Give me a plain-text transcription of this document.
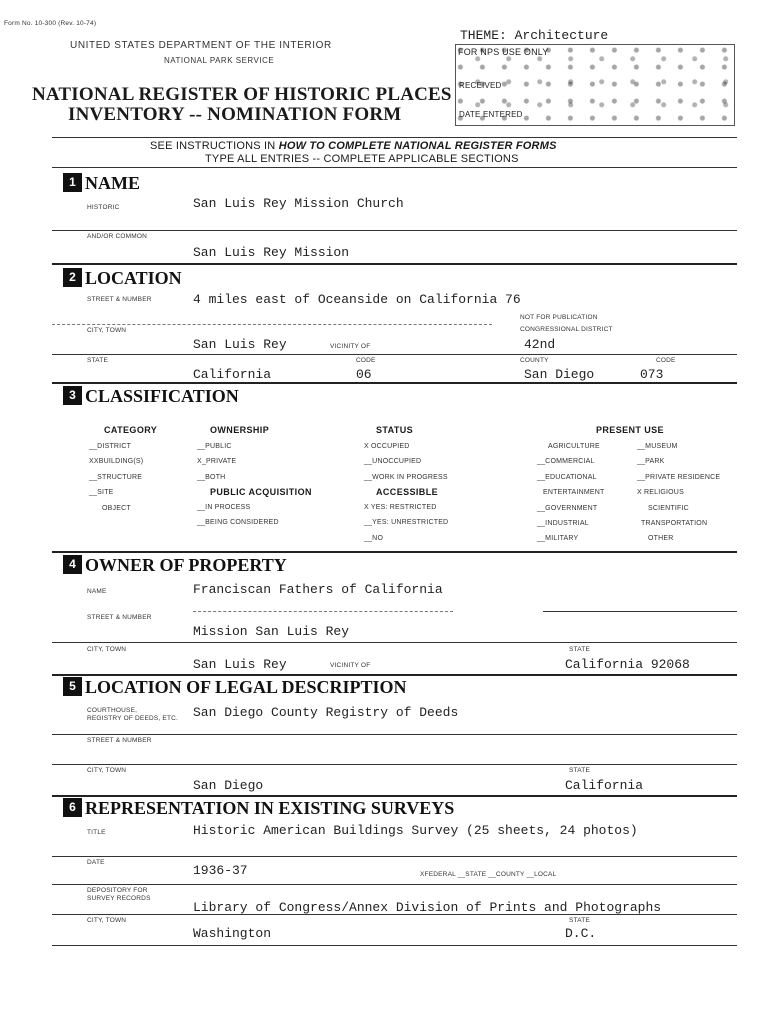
Form No. 10-300 (Rev. 10-74)
UNITED STATES DEPARTMENT OF THE INTERIOR
NATIONAL PARK SERVICE
NATIONAL REGISTER OF HISTORIC PLACES
INVENTORY -- NOMINATION FORM
THEME: Architecture
FOR NPS USE ONLY
RECEIVED
DATE ENTERED
SEE INSTRUCTIONS IN HOW TO COMPLETE NATIONAL REGISTER FORMS
TYPE ALL ENTRIES -- COMPLETE APPLICABLE SECTIONS
1 NAME
HISTORIC	San Luis Rey Mission Church
AND/OR COMMON
San Luis Rey Mission
2 LOCATION
STREET & NUMBER	4 miles east of Oceanside on California 76
NOT FOR PUBLICATION
CITY, TOWN	CONGRESSIONAL DISTRICT
San Luis Rey	VICINITY OF	42nd
STATE	CODE	COUNTY	CODE
California	06	San Diego	073
3 CLASSIFICATION
CATEGORY
__DISTRICT
XXBUILDING(S)
__STRUCTURE
__SITE
OBJECT
OWNERSHIP
__PUBLIC
X_PRIVATE
__BOTH
PUBLIC ACQUISITION
__IN PROCESS
__BEING CONSIDERED
STATUS
X OCCUPIED
__UNOCCUPIED
__WORK IN PROGRESS
ACCESSIBLE
X YES: RESTRICTED
__YES: UNRESTRICTED
__NO
PRESENT USE
AGRICULTURE
__COMMERCIAL
__EDUCATIONAL
ENTERTAINMENT
__GOVERNMENT
__INDUSTRIAL
__MILITARY
__MUSEUM
__PARK
__PRIVATE RESIDENCE
X RELIGIOUS
SCIENTIFIC
TRANSPORTATION
OTHER
4 OWNER OF PROPERTY
NAME	Franciscan Fathers of California
STREET & NUMBER
Mission San Luis Rey
CITY, TOWN	STATE
San Luis Rey	VICINITY OF	California 92068
5 LOCATION OF LEGAL DESCRIPTION
COURTHOUSE,
REGISTRY OF DEEDS, ETC. San Diego County Registry of Deeds
STREET & NUMBER
CITY, TOWN	STATE
San Diego	California
6 REPRESENTATION IN EXISTING SURVEYS
TITLE	Historic American Buildings Survey (25 sheets, 24 photos)
DATE
1936-37	XFEDERAL __STATE __COUNTY __LOCAL
DEPOSITORY FOR
SURVEY RECORDS
Library of Congress/Annex Division of Prints and Photographs
CITY, TOWN	STATE
Washington	D.C.
